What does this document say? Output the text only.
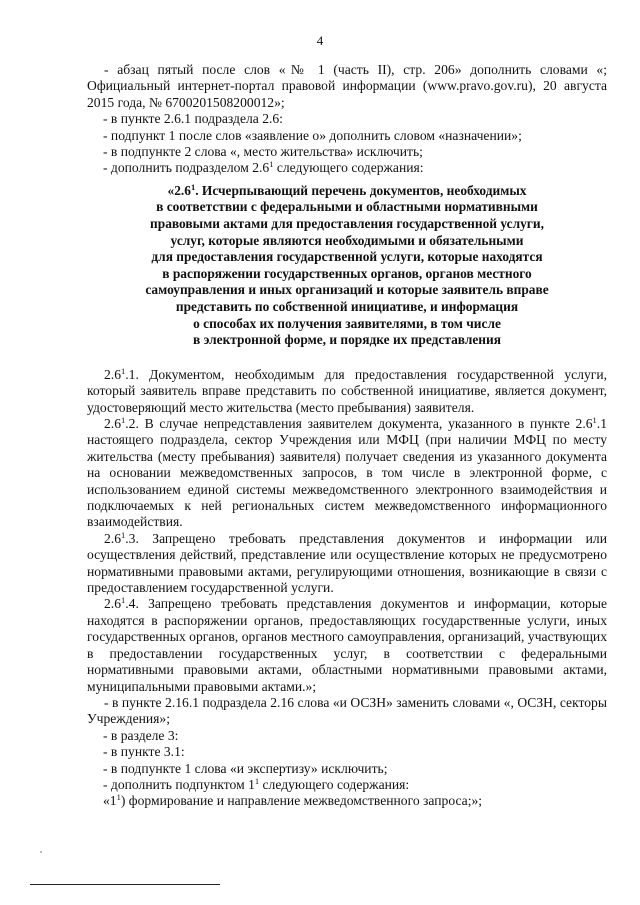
4

- абзац пятый после слов «№ 1 (часть II), стр. 206» дополнить словами «; Официальный интернет-портал правовой информации (www.pravo.gov.ru), 20 августа 2015 года, № 6700201508200012»;

- в пункте 2.6.1 подраздела 2.6:

- подпункт 1 после слов «заявление о» дополнить словом «назначении»;

- в подпункте 2 слова «, место жительства» исключить;

- дополнить подразделом $2.6^1$ следующего содержания:

«$2.6^1$. Исчерпывающий перечень документов, необходимых
в соответствии с федеральными и областными нормативными
правовыми актами для предоставления государственной услуги,
услуг, которые являются необходимыми и обязательными
для предоставления государственной услуги, которые находятся
в распоряжении государственных органов, органов местного
самоуправления и иных организаций и которые заявитель вправе
представить по собственной инициативе, и информация
о способах их получения заявителями, в том числе
в электронной форме, и порядке их представления

$2.6^1.1$. Документом, необходимым для предоставления государственной услуги, который заявитель вправе представить по собственной инициативе, является документ, удостоверяющий место жительства (место пребывания) заявителя.

$2.6^1.2$. В случае непредставления заявителем документа, указанного в пункте $2.6^1.1$ настоящего подраздела, сектор Учреждения или МФЦ (при наличии МФЦ по месту жительства (месту пребывания) заявителя) получает сведения из указанного документа на основании межведомственных запросов, в том числе в электронной форме, с использованием единой системы межведомственного электронного взаимодействия и подключаемых к ней региональных систем межведомственного информационного взаимодействия.

$2.6^1.3$. Запрещено требовать представления документов и информации или осуществления действий, представление или осуществление которых не предусмотрено нормативными правовыми актами, регулирующими отношения, возникающие в связи с предоставлением государственной услуги.

$2.6^1.4$. Запрещено требовать представления документов и информации, которые находятся в распоряжении органов, предоставляющих государственные услуги, иных государственных органов, органов местного самоуправления, организаций, участвующих в предоставлении государственных услуг, в соответствии с федеральными нормативными правовыми актами, областными нормативными правовыми актами, муниципальными правовыми актами.»;

- в пункте 2.16.1 подраздела 2.16 слова «и ОСЗН» заменить словами «, ОСЗН, секторы Учреждения»;

- в разделе 3:

- в пункте 3.1:

- в подпункте 1 слова «и экспертизу» исключить;

- дополнить подпунктом $1^1$ следующего содержания:

«$1^1$) формирование и направление межведомственного запроса;»;
